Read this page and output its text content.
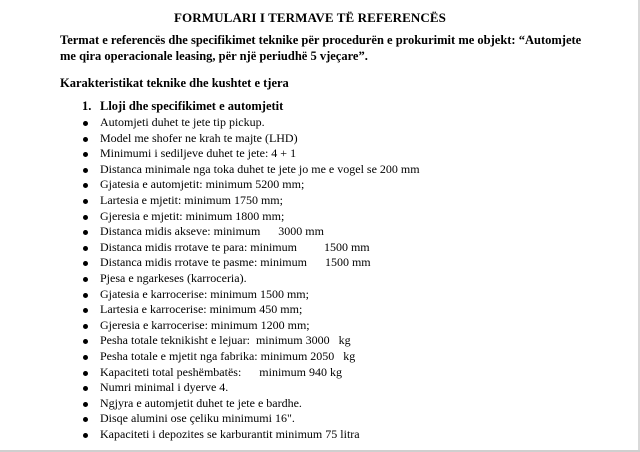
FORMULARI I TERMAVE TË REFERENCËS
Termat e referencës dhe specifikimet teknike për procedurën e prokurimit me objekt: “Automjete me qira operacionale leasing, për një periudhë 5 vjeçare”.
Karakteristikat teknike dhe kushtet e tjera
1. Lloji dhe specifikimet e automjetit
Automjeti duhet te jete tip pickup.
Model me shofer ne krah te majte (LHD)
Minimumi i sediljeve duhet te jete: 4 + 1
Distanca minimale nga toka duhet te jete jo me e vogel se 200 mm
Gjatesia e automjetit: minimum 5200 mm;
Lartesia e mjetit: minimum 1750 mm;
Gjeresia e mjetit: minimum 1800 mm;
Distanca midis akseve: minimum      3000 mm
Distanca midis rrotave te para: minimum         1500 mm
Distanca midis rrotave te pasme: minimum      1500 mm
Pjesa e ngarkeses (karroceria).
Gjatesia e karrocerise: minimum 1500 mm;
Lartesia e karrocerise: minimum 450 mm;
Gjeresia e karrocerise: minimum 1200 mm;
Pesha totale teknikisht e lejuar:  minimum 3000   kg
Pesha totale e mjetit nga fabrika: minimum 2050   kg
Kapaciteti total peshëmbatës:      minimum 940 kg
Numri minimal i dyerve 4.
Ngjyra e automjetit duhet te jete e bardhe.
Disqe alumini ose çeliku minimumi 16".
Kapaciteti i depozites se karburantit minimum 75 litra
